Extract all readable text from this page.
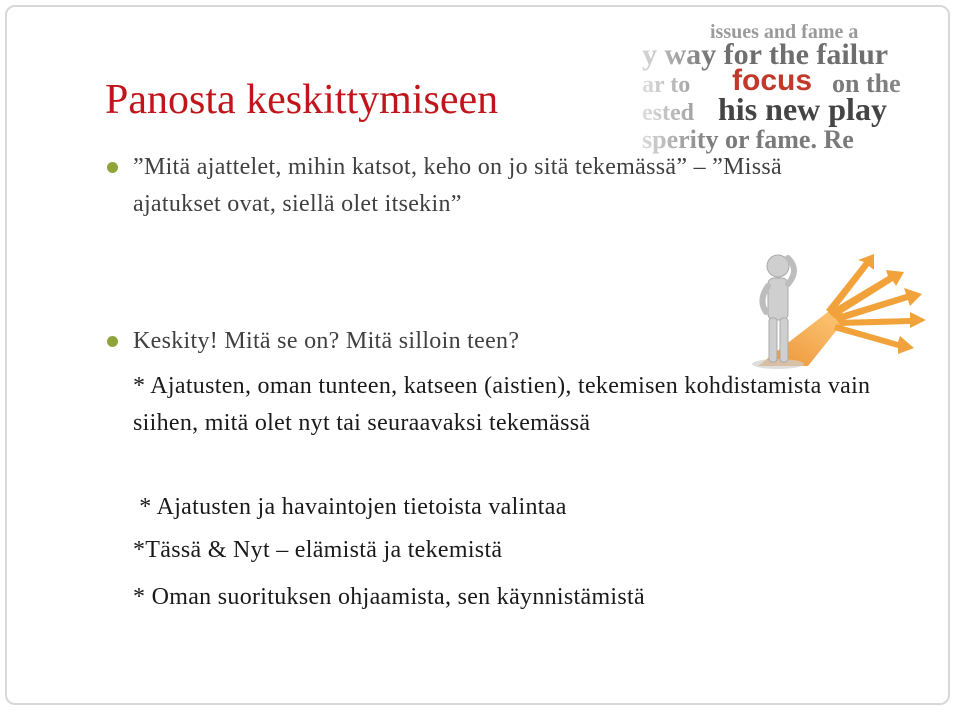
Panosta keskittymiseen
”Mitä ajattelet, mihin katsot, keho on jo sitä tekemässä” – ”Missä ajatukset ovat, siellä olet itsekin”
Keskity! Mitä se on? Mitä silloin teen?
* Ajatusten, oman tunteen, katseen (aistien), tekemisen kohdistamista vain siihen, mitä olet nyt tai seuraavaksi tekemässä
* Ajatusten ja havaintojen tietoista valintaa
*Tässä & Nyt – elämistä ja tekemistä
* Oman suorituksen ohjaamista, sen käynnistämistä
